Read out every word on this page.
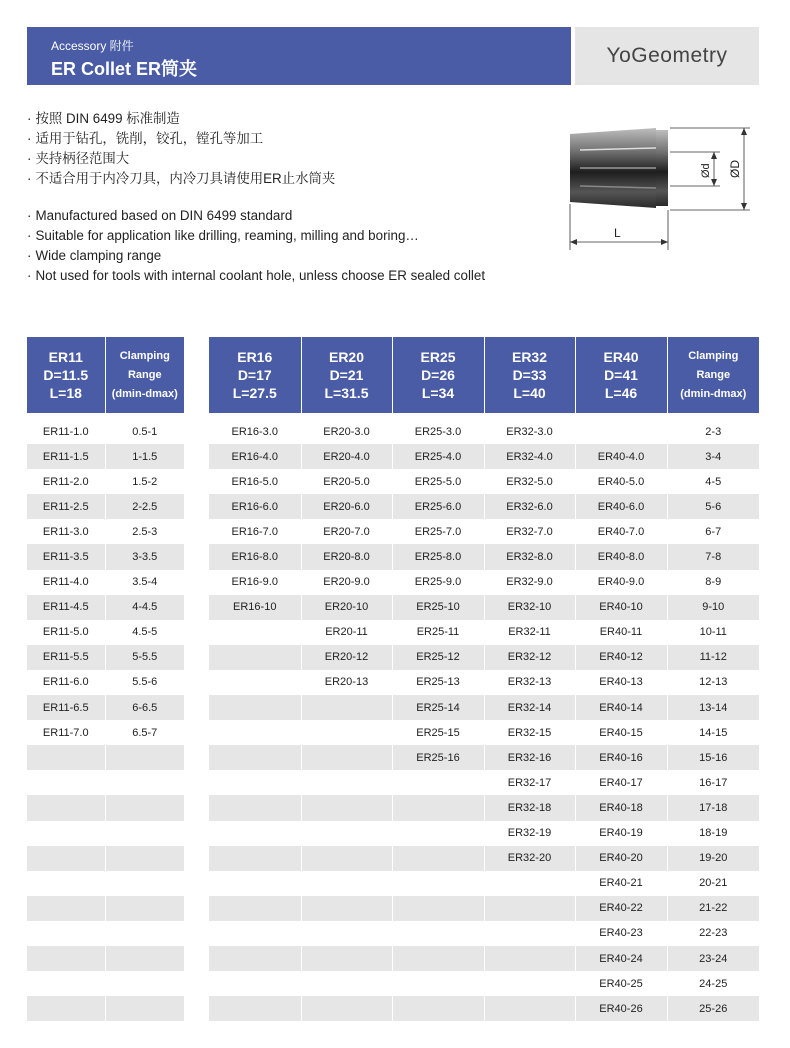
Accessory 附件
ER Collet ER筒夹
YoGeometry
· 按照 DIN 6499 标准制造
· 适用于钻孔，铣削，铰孔，镗孔等加工
· 夹持柄径范围大
· 不适合用于内冷刀具，内冷刀具请使用ER止水筒夹
· Manufactured based on DIN 6499 standard
· Suitable for application like drilling, reaming, milling and boring…
· Wide clamping range
· Not used for tools with internal coolant hole, unless choose ER sealed collet
Ød ØD
L
ER11
D=11.5
L=18	Clamping
Range
(dmin-dmax)

ER11-1.0	0.5-1
ER11-1.5	1-1.5
ER11-2.0	1.5-2
ER11-2.5	2-2.5
ER11-3.0	2.5-3
ER11-3.5	3-3.5
ER11-4.0	3.5-4
ER11-4.5	4-4.5
ER11-5.0	4.5-5
ER11-5.5	5-5.5
ER11-6.0	5.5-6
ER11-6.5	6-6.5
ER11-7.0	6.5-7

ER16
D=17
L=27.5	ER20
D=21
L=31.5	ER25
D=26
L=34	ER32
D=33
L=40	ER40
D=41
L=46	Clamping
Range
(dmin-dmax)

ER16-3.0	ER20-3.0	ER25-3.0	ER32-3.0		2-3
ER16-4.0	ER20-4.0	ER25-4.0	ER32-4.0	ER40-4.0	3-4
ER16-5.0	ER20-5.0	ER25-5.0	ER32-5.0	ER40-5.0	4-5
ER16-6.0	ER20-6.0	ER25-6.0	ER32-6.0	ER40-6.0	5-6
ER16-7.0	ER20-7.0	ER25-7.0	ER32-7.0	ER40-7.0	6-7
ER16-8.0	ER20-8.0	ER25-8.0	ER32-8.0	ER40-8.0	7-8
ER16-9.0	ER20-9.0	ER25-9.0	ER32-9.0	ER40-9.0	8-9
ER16-10	ER20-10	ER25-10	ER32-10	ER40-10	9-10
	ER20-11	ER25-11	ER32-11	ER40-11	10-11
	ER20-12	ER25-12	ER32-12	ER40-12	11-12
	ER20-13	ER25-13	ER32-13	ER40-13	12-13
		ER25-14	ER32-14	ER40-14	13-14
		ER25-15	ER32-15	ER40-15	14-15
		ER25-16	ER32-16	ER40-16	15-16
			ER32-17	ER40-17	16-17
			ER32-18	ER40-18	17-18
			ER32-19	ER40-19	18-19
			ER32-20	ER40-20	19-20
				ER40-21	20-21
				ER40-22	21-22
				ER40-23	22-23
				ER40-24	23-24
				ER40-25	24-25
				ER40-26	25-26
